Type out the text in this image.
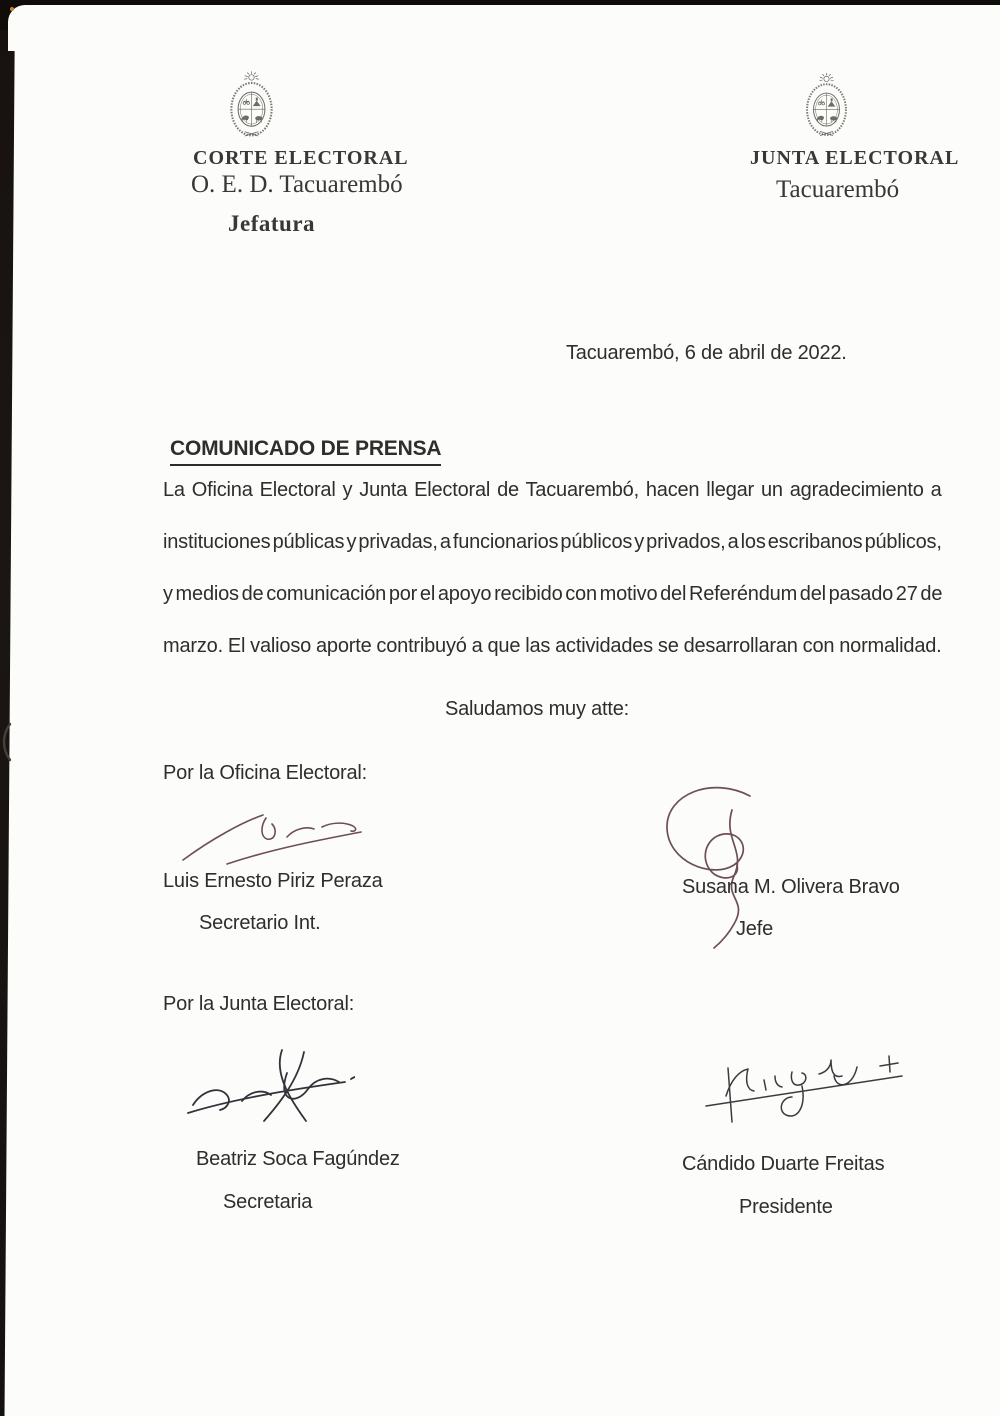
CORTE ELECTORAL
O. E. D. Tacuarembó
Jefatura
JUNTA ELECTORAL
Tacuarembó
Tacuarembó, 6 de abril de 2022.
COMUNICADO DE PRENSA
La Oficina Electoral y Junta Electoral de Tacuarembó, hacen llegar un agradecimiento a
instituciones públicas y privadas, a funcionarios públicos y privados, a los escribanos públicos,
y medios de comunicación por el apoyo recibido con motivo del Referéndum del pasado 27 de
marzo. El valioso aporte contribuyó a que las actividades se desarrollaran con normalidad.
Saludamos muy atte:
Por la Oficina Electoral:
Luis Ernesto Piriz Peraza
Secretario Int.
Susana M. Olivera Bravo
Jefe
Por la Junta Electoral:
Beatriz Soca Fagúndez
Secretaria
Cándido Duarte Freitas
Presidente
